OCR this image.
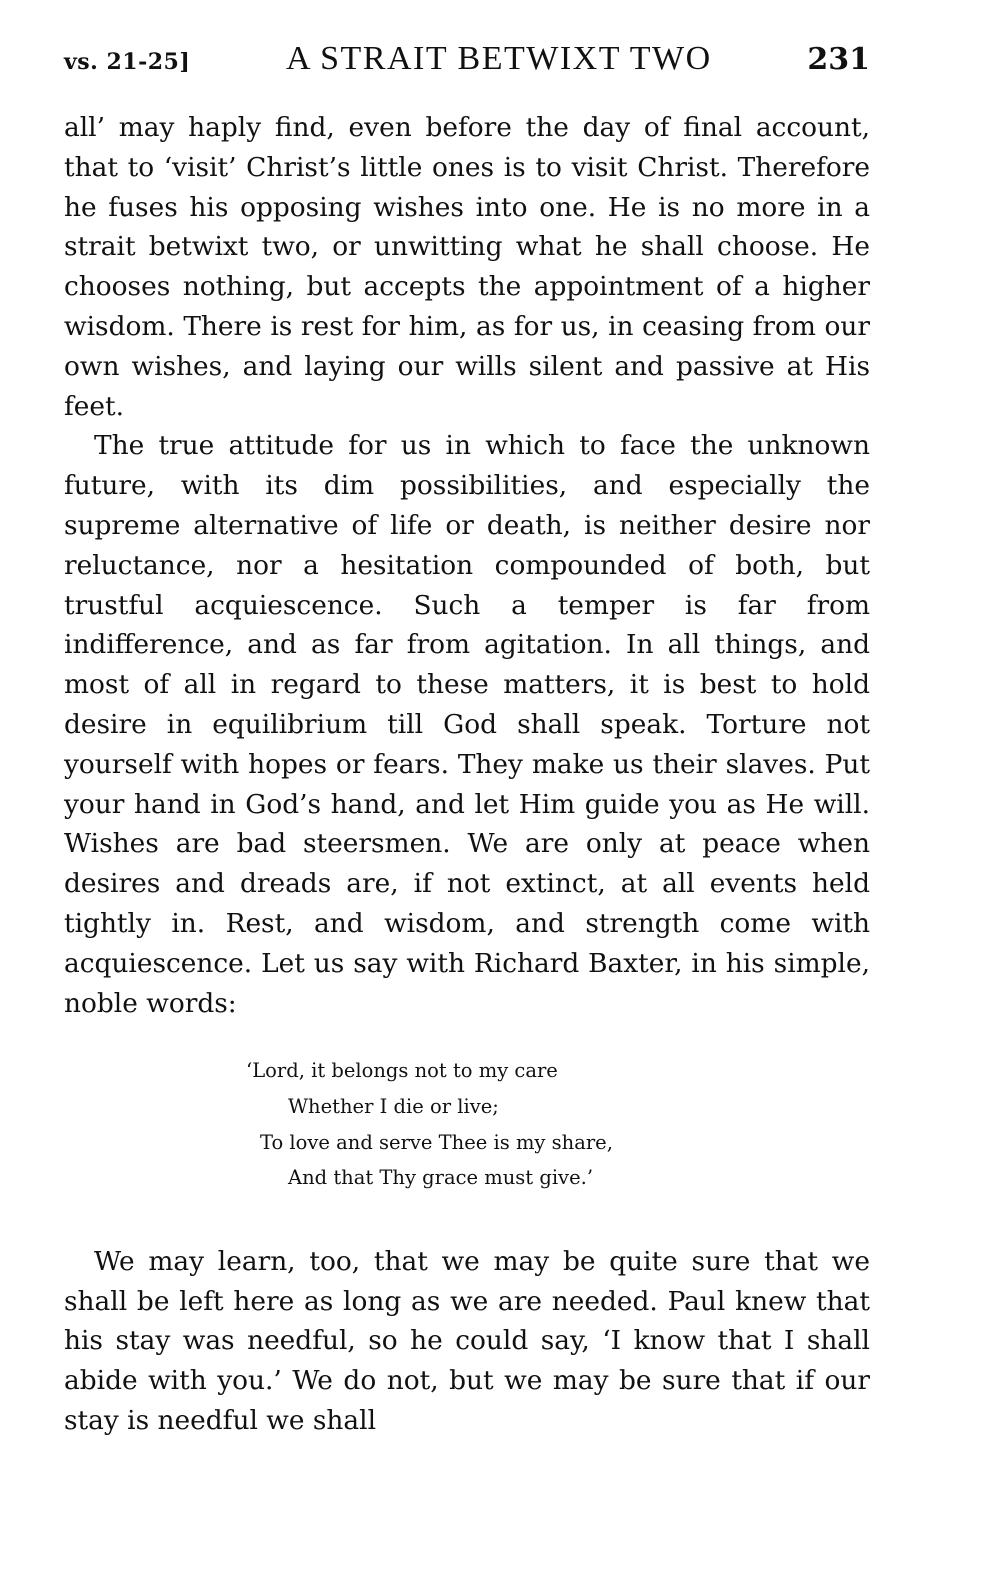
vs. 21-25]	A STRAIT BETWIXT TWO	231

all’ may haply find, even before the day of final account, that to ‘visit’ Christ’s little ones is to visit Christ. Therefore he fuses his opposing wishes into one. He is no more in a strait betwixt two, or unwitting what he shall choose. He chooses nothing, but accepts the appointment of a higher wisdom. There is rest for him, as for us, in ceasing from our own wishes, and laying our wills silent and passive at His feet.

The true attitude for us in which to face the unknown future, with its dim possibilities, and especially the supreme alternative of life or death, is neither desire nor reluctance, nor a hesitation compounded of both, but trustful acquiescence. Such a temper is far from indifference, and as far from agitation. In all things, and most of all in regard to these matters, it is best to hold desire in equilibrium till God shall speak. Torture not yourself with hopes or fears. They make us their slaves. Put your hand in God’s hand, and let Him guide you as He will. Wishes are bad steersmen. We are only at peace when desires and dreads are, if not extinct, at all events held tightly in. Rest, and wisdom, and strength come with acquiescence. Let us say with Richard Baxter, in his simple, noble words:

‘Lord, it belongs not to my care
Whether I die or live;
To love and serve Thee is my share,
And that Thy grace must give.’

We may learn, too, that we may be quite sure that we shall be left here as long as we are needed. Paul knew that his stay was needful, so he could say, ‘I know that I shall abide with you.’ We do not, but we may be sure that if our stay is needful we shall
